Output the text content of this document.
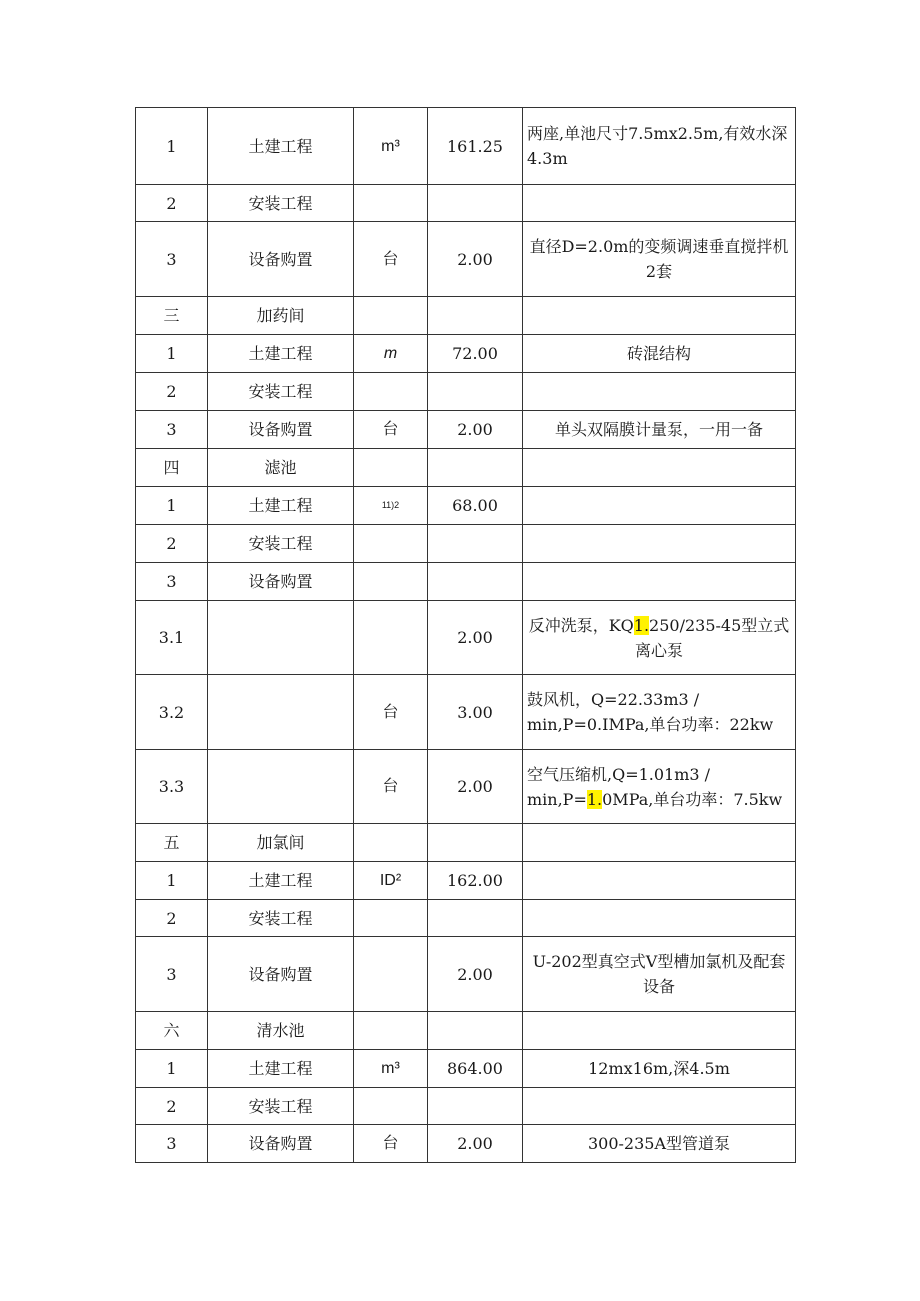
1	土建工程	m³	161.25	两座,单池尺寸7.5mx2.5m,有效水深4.3m
2	安装工程			
3	设备购置	台	2.00	直径D=2.0m的变频调速垂直搅拌机2套
三	加药间			
1	土建工程	m	72.00	砖混结构
2	安装工程			
3	设备购置	台	2.00	单头双隔膜计量泵，一用一备
四	滤池			
1	土建工程	11)2	68.00	
2	安装工程			
3	设备购置			
3.1			2.00	反冲洗泵，KQ1.250/235-45型立式离心泵
3.2		台	3.00	鼓风机，Q=22.33m3 / min,P=0.IMPa,单台功率：22kw
3.3		台	2.00	空气压缩机,Q=1.01m3 / min,P=1.0MPa,单台功率：7.5kw
五	加氯间			
1	土建工程	ID²	162.00	
2	安装工程			
3	设备购置		2.00	U-202型真空式V型槽加氯机及配套设备
六	清水池			
1	土建工程	m³	864.00	12mx16m,深4.5m
2	安装工程			
3	设备购置	台	2.00	300-235A型管道泵
